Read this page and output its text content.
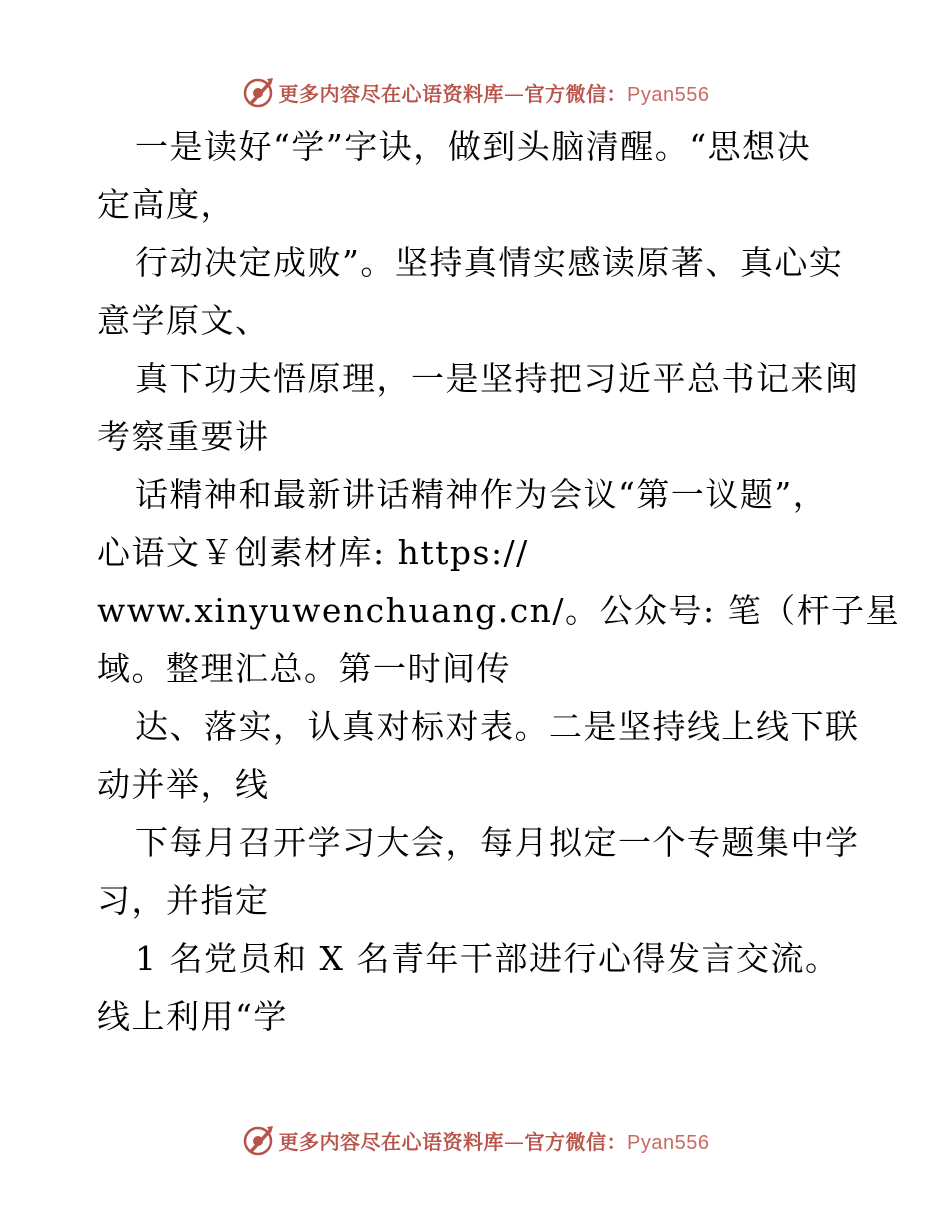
更多内容尽在心语资料库—官方微信：Pyan556
一是读好“学”字诀，做到头脑清醒。“思想决
定高度，
行动决定成败”。坚持真情实感读原著、真心实
意学原文、
真下功夫悟原理，一是坚持把习近平总书记来闽
考察重要讲
话精神和最新讲话精神作为会议“第一议题”，
心语文￥创素材库: https://
www.xinyuwenchuang.cn/。公众号: 笔（杆子星
域。整理汇总。第一时间传
达、落实，认真对标对表。二是坚持线上线下联
动并举，线
下每月召开学习大会，每月拟定一个专题集中学
习，并指定
1 名党员和 X 名青年干部进行心得发言交流。
线上利用“学
更多内容尽在心语资料库—官方微信：Pyan556
